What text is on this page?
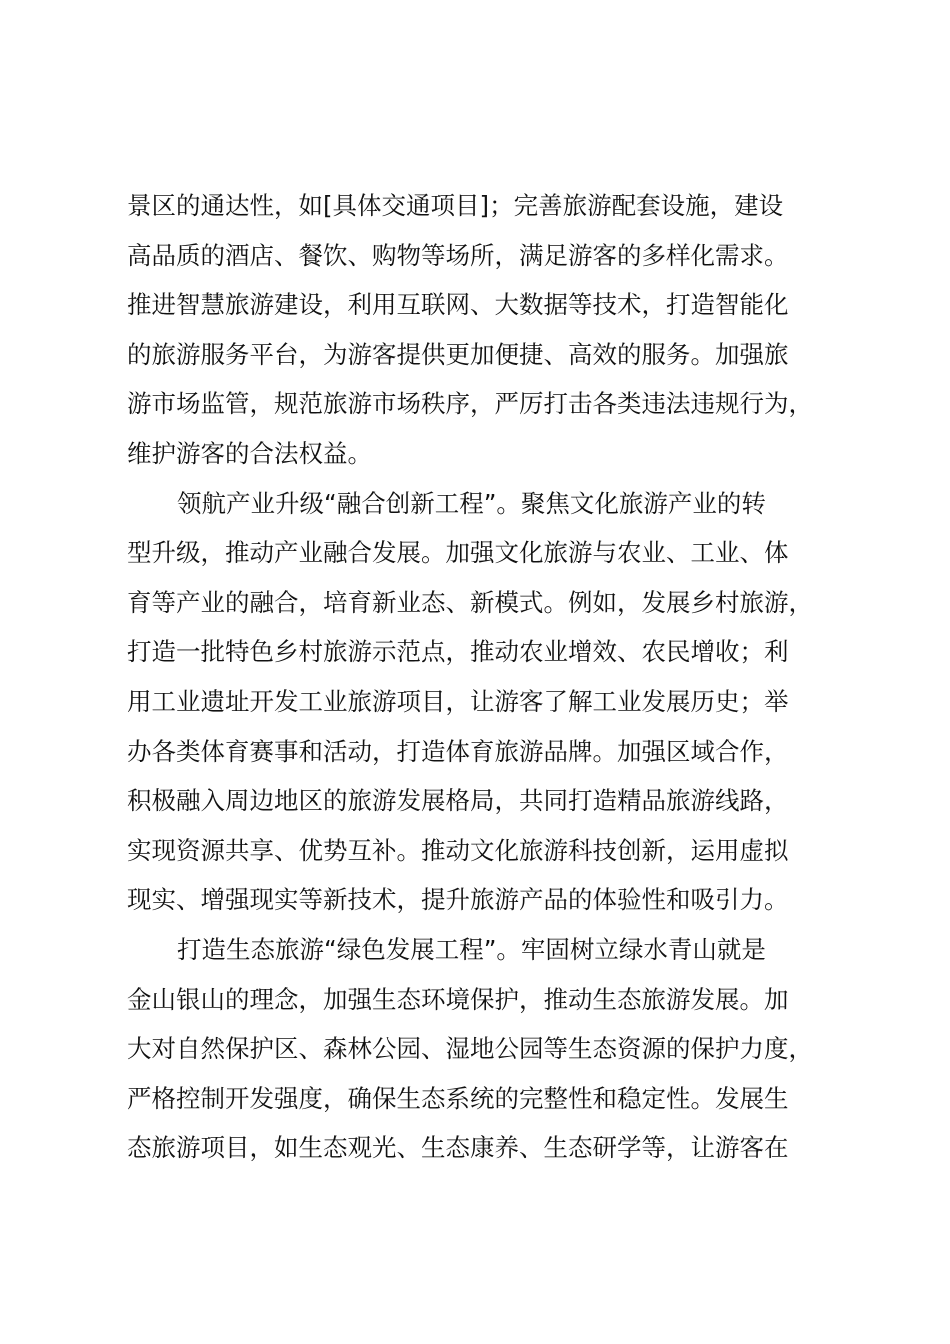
景区的通达性，如[具体交通项目]；完善旅游配套设施，建设
高品质的酒店、餐饮、购物等场所，满足游客的多样化需求。
推进智慧旅游建设，利用互联网、大数据等技术，打造智能化
的旅游服务平台，为游客提供更加便捷、高效的服务。加强旅
游市场监管，规范旅游市场秩序，严厉打击各类违法违规行为，
维护游客的合法权益。
领航产业升级“融合创新工程”。聚焦文化旅游产业的转
型升级，推动产业融合发展。加强文化旅游与农业、工业、体
育等产业的融合，培育新业态、新模式。例如，发展乡村旅游，
打造一批特色乡村旅游示范点，推动农业增效、农民增收；利
用工业遗址开发工业旅游项目，让游客了解工业发展历史；举
办各类体育赛事和活动，打造体育旅游品牌。加强区域合作，
积极融入周边地区的旅游发展格局，共同打造精品旅游线路，
实现资源共享、优势互补。推动文化旅游科技创新，运用虚拟
现实、增强现实等新技术，提升旅游产品的体验性和吸引力。
打造生态旅游“绿色发展工程”。牢固树立绿水青山就是
金山银山的理念，加强生态环境保护，推动生态旅游发展。加
大对自然保护区、森林公园、湿地公园等生态资源的保护力度，
严格控制开发强度，确保生态系统的完整性和稳定性。发展生
态旅游项目，如生态观光、生态康养、生态研学等，让游客在
